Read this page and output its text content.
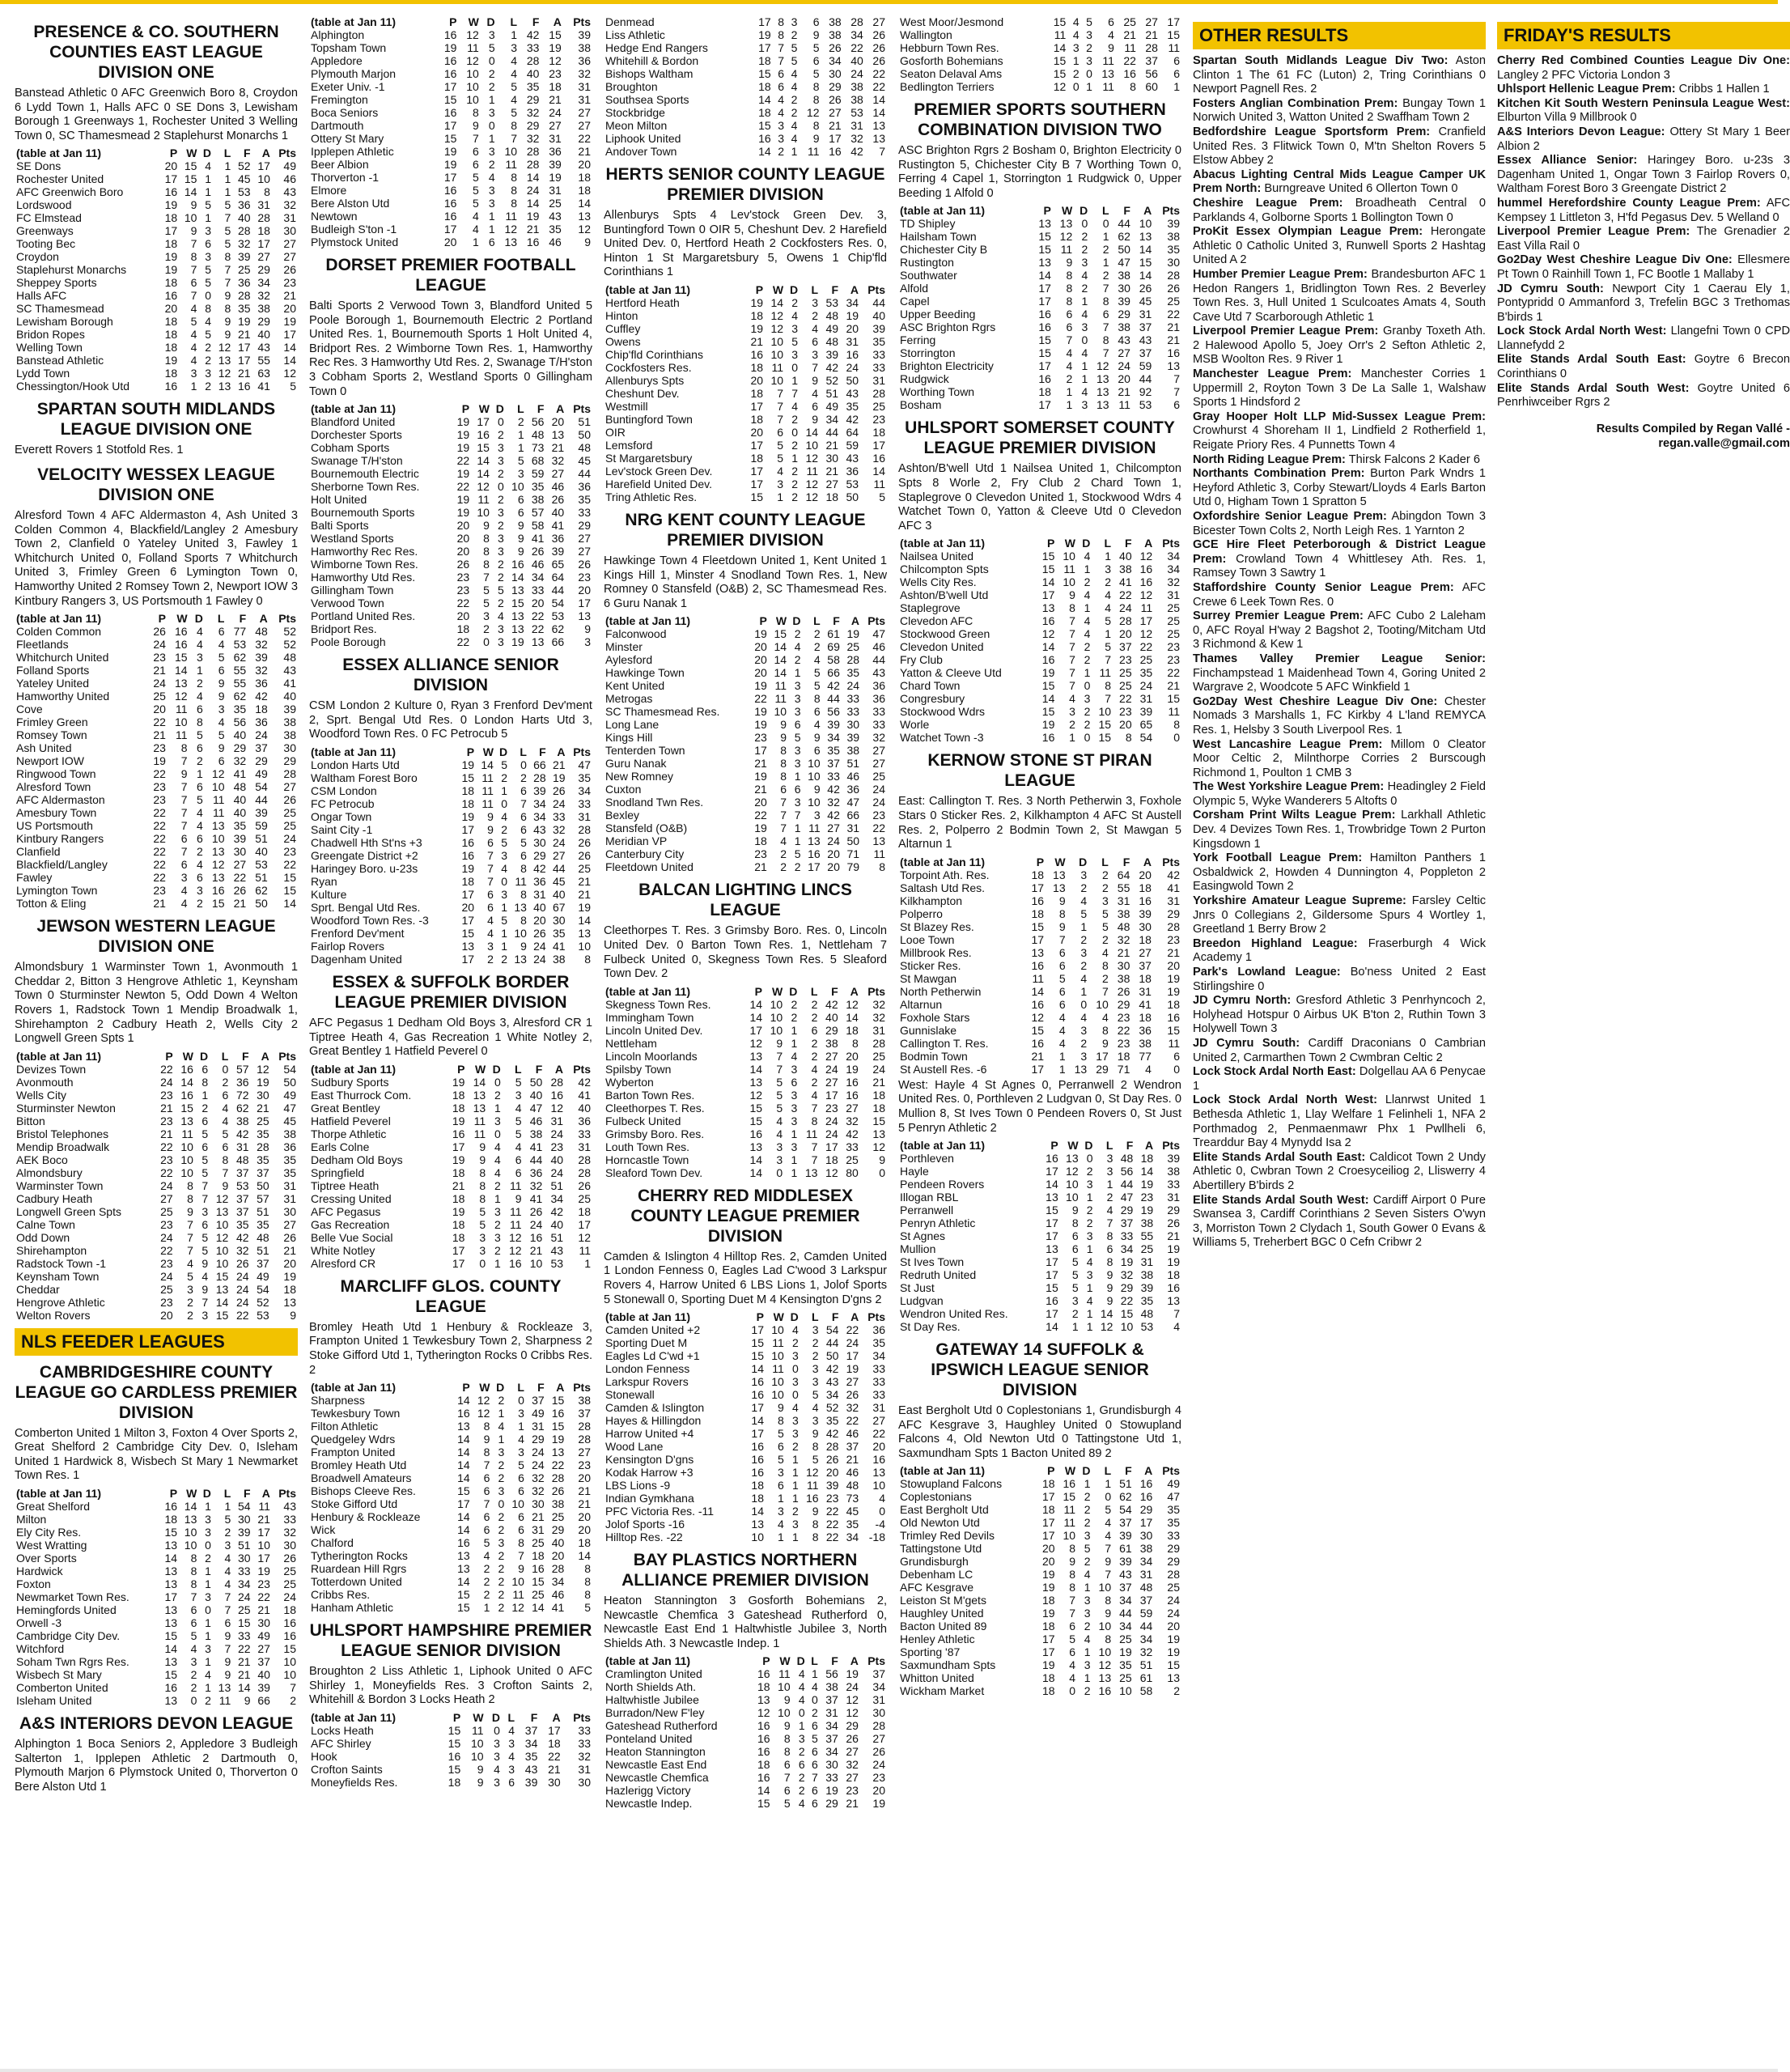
PRESENCE & CO. SOUTHERN COUNTIES EAST LEAGUE DIVISION ONE

Banstead Athletic 0 AFC Greenwich Boro 8, Croydon 6 Lydd Town 1, Halls AFC 0 SE Dons 3, Lewisham Borough 1 Greenways 1, Rochester United 3 Welling Town 0, SC Thamesmead 2 Staplehurst Monarchs 1

(table at Jan 11)	P	W	D	L	F	A	Pts
SE Dons	20	15	4	1	52	17	49
Rochester United	17	15	1	1	45	10	46
AFC Greenwich Boro	16	14	1	1	53	8	43
Lordswood	19	9	5	5	36	31	32
FC Elmstead	18	10	1	7	40	28	31
Greenways	17	9	3	5	28	18	30
Tooting Bec	18	7	6	5	32	17	27
Croydon	19	8	3	8	39	27	27
Staplehurst Monarchs	19	7	5	7	25	29	26
Sheppey Sports	18	6	5	7	36	34	23
Halls AFC	16	7	0	9	28	32	21
SC Thamesmead	20	4	8	8	35	38	20
Lewisham Borough	18	5	4	9	19	29	19
Bridon Ropes	18	4	5	9	21	40	17
Welling Town	18	4	2	12	17	43	14
Banstead Athletic	19	4	2	13	17	55	14
Lydd Town	18	3	3	12	21	63	12
Chessington/Hook Utd	16	1	2	13	16	41	5
SPARTAN SOUTH MIDLANDS LEAGUE DIVISION ONE

Everett Rovers 1 Stotfold Res. 1

VELOCITY WESSEX LEAGUE DIVISION ONE

Alresford Town 4 AFC Aldermaston 4, Ash United 3 Colden Common 4, Blackfield/Langley 2 Amesbury Town 2, Clanfield 0 Yateley United 3, Fawley 1 Whitchurch United 0, Folland Sports 7 Whitchurch United 3, Frimley Green 6 Lymington Town 0, Hamworthy United 2 Romsey Town 2, Newport IOW 3 Kintbury Rangers 3, US Portsmouth 1 Fawley 0

(table at Jan 11)	P	W	D	L	F	A	Pts
Colden Common	26	16	4	6	77	48	52
Fleetlands	24	16	4	4	53	32	52
Whitchurch United	23	15	3	5	62	39	48
Folland Sports	21	14	1	6	55	32	43
Yateley United	24	13	2	9	55	36	41
Hamworthy United	25	12	4	9	62	42	40
Cove	20	11	6	3	35	18	39
Frimley Green	22	10	8	4	56	36	38
Romsey Town	21	11	5	5	40	24	38
Ash United	23	8	6	9	29	37	30
Newport IOW	19	7	2	6	32	29	29
Ringwood Town	22	9	1	12	41	49	28
Alresford Town	23	7	6	10	48	54	27
AFC Aldermaston	23	7	5	11	40	44	26
Amesbury Town	22	7	4	11	40	39	25
US Portsmouth	22	7	4	13	35	59	25
Kintbury Rangers	22	6	6	10	39	51	24
Clanfield	22	7	2	13	30	40	23
Blackfield/Langley	22	6	4	12	27	53	22
Fawley	22	3	6	13	22	51	15
Lymington Town	23	4	3	16	26	62	15
Totton & Eling	21	4	2	15	21	50	14
JEWSON WESTERN LEAGUE DIVISION ONE

Almondsbury 1 Warminster Town 1, Avonmouth 1 Cheddar 2, Bitton 3 Hengrove Athletic 1, Keynsham Town 0 Sturminster Newton 5, Odd Down 4 Welton Rovers 1, Radstock Town 1 Mendip Broadwalk 1, Shirehampton 2 Cadbury Heath 2, Wells City 2 Longwell Green Spts 1

(table at Jan 11)	P	W	D	L	F	A	Pts
Devizes Town	22	16	6	0	57	12	54
Avonmouth	24	14	8	2	36	19	50
Wells City	23	16	1	6	72	30	49
Sturminster Newton	21	15	2	4	62	21	47
Bitton	23	13	6	4	38	25	45
Bristol Telephones	21	11	5	5	42	35	38
Mendip Broadwalk	22	10	6	6	31	28	36
AEK Boco	23	10	5	8	48	35	35
Almondsbury	22	10	5	7	37	37	35
Warminster Town	24	8	7	9	53	50	31
Cadbury Heath	27	8	7	12	37	57	31
Longwell Green Spts	25	9	3	13	37	51	30
Calne Town	23	7	6	10	35	35	27
Odd Down	24	7	5	12	42	48	26
Shirehampton	22	7	5	10	32	51	21
Radstock Town -1	23	4	9	10	26	37	20
Keynsham Town	24	5	4	15	24	49	19
Cheddar	25	3	9	13	24	54	18
Hengrove Athletic	23	2	7	14	24	52	13
Welton Rovers	20	2	3	15	22	53	9
NLS FEEDER LEAGUES
CAMBRIDGESHIRE COUNTY LEAGUE GO CARDLESS PREMIER DIVISION

Comberton United 1 Milton 3, Foxton 4 Over Sports 2, Great Shelford 2 Cambridge City Dev. 0, Isleham United 1 Hardwick 8, Wisbech St Mary 1 Newmarket Town Res. 1

(table at Jan 11)	P	W	D	L	F	A	Pts
Great Shelford	16	14	1	1	54	11	43
Milton	18	13	3	5	30	21	33
Ely City Res.	15	10	3	2	39	17	32
West Wratting	13	10	0	3	51	10	30
Over Sports	14	8	2	4	30	17	26
Hardwick	13	8	1	4	33	19	25
Foxton	13	8	1	4	34	23	25
Newmarket Town Res.	17	7	3	7	24	22	24
Hemingfords United	13	6	0	7	25	21	18
Orwell -3	13	6	1	6	15	30	16
Cambridge City Dev.	15	5	1	9	33	49	16
Witchford	14	4	3	7	22	27	15
Soham Twn Rgrs Res.	13	3	1	9	21	37	10
Wisbech St Mary	15	2	4	9	21	40	10
Comberton United	16	2	1	13	14	39	7
Isleham United	13	0	2	11	9	66	2
A&S INTERIORS DEVON LEAGUE

Alphington 1 Boca Seniors 2, Appledore 3 Budleigh Salterton 1, Ipplepen Athletic 2 Dartmouth 0, Plymouth Marjon 6 Plymstock United 0, Thorverton 0 Bere Alston Utd 1

(table at Jan 11)	P	W	D	L	F	A	Pts
Alphington	16	12	3	1	42	15	39
Topsham Town	19	11	5	3	33	19	38
Appledore	16	12	0	4	28	12	36
Plymouth Marjon	16	10	2	4	40	23	32
Exeter Univ. -1	17	10	2	5	35	18	31
Fremington	15	10	1	4	29	21	31
Boca Seniors	16	8	3	5	32	24	27
Dartmouth	17	9	0	8	29	27	27
Ottery St Mary	15	7	1	7	32	31	22
Ipplepen Athletic	19	6	3	10	28	36	21
Beer Albion	19	6	2	11	28	39	20
Thorverton -1	17	5	4	8	14	19	18
Elmore	16	5	3	8	24	31	18
Bere Alston Utd	16	5	3	8	14	25	14
Newtown	16	4	1	11	19	43	13
Budleigh S'ton -1	17	4	1	12	21	35	12
Plymstock United	20	1	6	13	16	46	9
DORSET PREMIER FOOTBALL LEAGUE

Balti Sports 2 Verwood Town 3, Blandford United 5 Poole Borough 1, Bournemouth Electric 2 Portland United Res. 1, Bournemouth Sports 1 Holt United 4, Bridport Res. 2 Wimborne Town Res. 1, Hamworthy Rec Res. 3 Hamworthy Utd Res. 2, Swanage T/H'ston 3 Cobham Sports 2, Westland Sports 0 Gillingham Town 0

(table at Jan 11)	P	W	D	L	F	A	Pts
Blandford United	19	17	0	2	56	20	51
Dorchester Sports	19	16	2	1	48	13	50
Cobham Sports	19	15	3	1	73	21	48
Swanage T/H'ston	22	14	3	5	68	32	45
Bournemouth Electric	19	14	2	3	59	27	44
Sherborne Town Res.	22	12	0	10	35	46	36
Holt United	19	11	2	6	38	26	35
Bournemouth Sports	19	10	3	6	57	40	33
Balti Sports	20	9	2	9	58	41	29
Westland Sports	20	8	3	9	41	36	27
Hamworthy Rec Res.	20	8	3	9	26	39	27
Wimborne Town Res.	26	8	2	16	46	65	26
Hamworthy Utd Res.	23	7	2	14	34	64	23
Gillingham Town	23	5	5	13	33	44	20
Verwood Town	22	5	2	15	20	54	17
Portland United Res.	20	3	4	13	22	53	13
Bridport Res.	18	2	3	13	22	62	9
Poole Borough	22	0	3	19	13	66	3
ESSEX ALLIANCE SENIOR DIVISION

CSM London 2 Kulture 0, Ryan 3 Frenford Dev'ment 2, Sprt. Bengal Utd Res. 0 London Harts Utd 3, Woodford Town Res. 0 FC Petrocub 5

(table at Jan 11)	P	W	D	L	F	A	Pts
London Harts Utd	19	14	5	0	66	21	47
Waltham Forest Boro	15	11	2	2	28	19	35
CSM London	18	11	1	6	39	26	34
FC Petrocub	18	11	0	7	34	24	33
Ongar Town	19	9	4	6	34	33	31
Saint City -1	17	9	2	6	43	32	28
Chadwell Hth St'ns +3	16	6	5	5	30	24	26
Greengate District +2	16	7	3	6	29	27	26
Haringey Boro. u-23s	19	7	4	8	42	44	25
Ryan	18	7	0	11	36	45	21
Kulture	17	6	3	8	31	40	21
Sprt. Bengal Utd Res.	20	6	1	13	40	67	19
Woodford Town Res. -3	17	4	5	8	20	30	14
Frenford Dev'ment	15	4	1	10	26	35	13
Fairlop Rovers	13	3	1	9	24	41	10
Dagenham United	17	2	2	13	24	38	8
ESSEX & SUFFOLK BORDER LEAGUE PREMIER DIVISION

AFC Pegasus 1 Dedham Old Boys 3, Alresford CR 1 Tiptree Heath 4, Gas Recreation 1 White Notley 2, Great Bentley 1 Hatfield Peverel 0

(table at Jan 11)	P	W	D	L	F	A	Pts
Sudbury Sports	19	14	0	5	50	28	42
East Thurrock Com.	18	13	2	3	40	16	41
Great Bentley	18	13	1	4	47	12	40
Hatfield Peverel	19	11	3	5	46	31	36
Thorpe Athletic	16	11	0	5	38	24	33
Earls Colne	17	9	4	4	41	23	31
Dedham Old Boys	19	9	4	6	44	40	28
Springfield	18	8	4	6	36	24	28
Tiptree Heath	21	8	2	11	32	51	26
Cressing United	18	8	1	9	41	34	25
AFC Pegasus	19	5	3	11	26	42	18
Gas Recreation	18	5	2	11	24	40	17
Belle Vue Social	18	3	3	12	16	51	12
White Notley	17	3	2	12	21	43	11
Alresford CR	17	0	1	16	10	53	1
MARCLIFF GLOS. COUNTY LEAGUE

Bromley Heath Utd 1 Henbury & Rockleaze 3, Frampton United 1 Tewkesbury Town 2, Sharpness 2 Stoke Gifford Utd 1, Tytherington Rocks 0 Cribbs Res. 2

(table at Jan 11)	P	W	D	L	F	A	Pts
Sharpness	14	12	2	0	37	15	38
Tewkesbury Town	16	12	1	3	49	16	37
Filton Athletic	13	8	4	1	31	15	28
Quedgeley Wdrs	14	9	1	4	29	19	28
Frampton United	14	8	3	3	24	13	27
Bromley Heath Utd	14	7	2	5	24	22	23
Broadwell Amateurs	14	6	2	6	32	28	20
Bishops Cleeve Res.	15	6	3	6	32	26	21
Stoke Gifford Utd	17	7	0	10	30	38	21
Henbury & Rockleaze	14	6	2	6	21	25	20
Wick	14	6	2	6	31	29	20
Chalford	16	5	3	8	25	40	18
Tytherington Rocks	13	4	2	7	18	20	14
Ruardean Hill Rgrs	13	2	2	9	16	28	8
Totterdown United	14	2	2	10	15	34	8
Cribbs Res.	15	2	2	11	25	46	8
Hanham Athletic	15	1	2	12	14	41	5
UHLSPORT HAMPSHIRE PREMIER LEAGUE SENIOR DIVISION

Broughton 2 Liss Athletic 1, Liphook United 0 AFC Shirley 1, Moneyfields Res. 3 Crofton Saints 2, Whitehill & Bordon 3 Locks Heath 2

(table at Jan 11)	P	W	D	L	F	A	Pts
Locks Heath	15	11	0	4	37	17	33
AFC Shirley	15	10	3	3	34	18	33
Hook	16	10	3	4	35	22	32
Crofton Saints	15	9	4	3	43	21	31
Moneyfields Res.	18	9	3	6	39	30	30
Denmead	17	8	3	6	38	28	27
Liss Athletic	19	8	2	9	38	34	26
Hedge End Rangers	17	7	5	5	26	22	26
Whitehill & Bordon	18	7	5	6	34	40	26
Bishops Waltham	15	6	4	5	30	24	22
Broughton	18	6	4	8	29	38	22
Southsea Sports	14	4	2	8	26	38	14
Stockbridge	18	4	2	12	27	53	14
Meon Milton	15	3	4	8	21	31	13
Liphook United	16	3	4	9	17	32	13
Andover Town	14	2	1	11	16	42	7
HERTS SENIOR COUNTY LEAGUE PREMIER DIVISION

Allenburys Spts 4 Lev'stock Green Dev. 3, Buntingford Town 0 OIR 5, Cheshunt Dev. 2 Harefield United Dev. 0, Hertford Heath 2 Cockfosters Res. 0, Hinton 1 St Margaretsbury 5, Owens 1 Chip'fld Corinthians 1

(table at Jan 11)	P	W	D	L	F	A	Pts
Hertford Heath	19	14	2	3	53	34	44
Hinton	18	12	4	2	48	19	40
Cuffley	19	12	3	4	49	20	39
Owens	21	10	5	6	48	31	35
Chip'fld Corinthians	16	10	3	3	39	16	33
Cockfosters Res.	18	11	0	7	42	24	33
Allenburys Spts	20	10	1	9	52	50	31
Cheshunt Dev.	18	7	7	4	51	43	28
Westmill	17	7	4	6	49	35	25
Buntingford Town	18	7	2	9	34	42	23
OIR	20	6	0	14	44	64	18
Lemsford	17	5	2	10	21	59	17
St Margaretsbury	18	5	1	12	30	43	16
Lev'stock Green Dev.	17	4	2	11	21	36	14
Harefield United Dev.	17	3	2	12	27	53	11
Tring Athletic Res.	15	1	2	12	18	50	5
NRG KENT COUNTY LEAGUE PREMIER DIVISION

Hawkinge Town 4 Fleetdown United 1, Kent United 1 Kings Hill 1, Minster 4 Snodland Town Res. 1, New Romney 0 Stansfeld (O&B) 2, SC Thamesmead Res. 6 Guru Nanak 1

(table at Jan 11)	P	W	D	L	F	A	Pts
Falconwood	19	15	2	2	61	19	47
Minster	20	14	4	2	69	25	46
Aylesford	20	14	2	4	58	28	44
Hawkinge Town	20	14	1	5	66	35	43
Kent United	19	11	3	5	42	24	36
Metrogas	22	11	3	8	44	33	36
SC Thamesmead Res.	19	10	3	6	56	33	33
Long Lane	19	9	6	4	39	30	33
Kings Hill	23	9	5	9	34	39	32
Tenterden Town	17	8	3	6	35	38	27
Guru Nanak	21	8	3	10	37	51	27
New Romney	19	8	1	10	33	46	25
Cuxton	21	6	6	9	42	36	24
Snodland Twn Res.	20	7	3	10	32	47	24
Bexley	22	7	7	3	42	66	23
Stansfeld (O&B)	19	7	1	11	27	31	22
Meridian VP	18	4	1	13	24	50	13
Canterbury City	23	2	5	16	20	71	11
Fleetdown United	21	2	2	17	20	79	8
BALCAN LIGHTING LINCS LEAGUE

Cleethorpes T. Res. 3 Grimsby Boro. Res. 0, Lincoln United Dev. 0 Barton Town Res. 1, Nettleham 7 Fulbeck United 0, Skegness Town Res. 5 Sleaford Town Dev. 2

(table at Jan 11)	P	W	D	L	F	A	Pts
Skegness Town Res.	14	10	2	2	42	12	32
Immingham Town	14	10	2	2	40	14	32
Lincoln United Dev.	17	10	1	6	29	18	31
Nettleham	12	9	1	2	38	8	28
Lincoln Moorlands	13	7	4	2	27	20	25
Spilsby Town	14	7	3	4	24	19	24
Wyberton	13	5	6	2	27	16	21
Barton Town Res.	12	5	3	4	17	16	18
Cleethorpes T. Res.	15	5	3	7	23	27	18
Fulbeck United	15	4	3	8	24	32	15
Grimsby Boro. Res.	16	4	1	11	24	42	13
Louth Town Res.	13	3	3	7	17	33	12
Horncastle Town	14	3	1	7	18	25	9
Sleaford Town Dev.	14	0	1	13	12	80	0
CHERRY RED MIDDLESEX COUNTY LEAGUE PREMIER DIVISION

Camden & Islington 4 Hilltop Res. 2, Camden United 1 London Fenness 0, Eagles Lad C'wood 3 Larkspur Rovers 4, Harrow United 6 LBS Lions 1, Jolof Sports 5 Stonewall 0, Sporting Duet M 4 Kensington D'gns 2

(table at Jan 11)	P	W	D	L	F	A	Pts
Camden United +2	17	10	4	3	54	22	36
Sporting Duet M	15	11	2	2	44	24	35
Eagles Ld C'wd +1	15	10	3	2	50	17	34
London Fenness	14	11	0	3	42	19	33
Larkspur Rovers	16	10	3	3	43	27	33
Stonewall	16	10	0	5	34	26	33
Camden & Islington	17	9	4	4	52	32	31
Hayes & Hillingdon	14	8	3	3	35	22	27
Harrow United +4	17	5	3	9	42	46	22
Wood Lane	16	6	2	8	28	37	20
Kensington D'gns	16	5	1	5	26	21	16
Kodak Harrow +3	16	3	1	12	20	46	13
LBS Lions -9	18	6	1	11	39	48	10
Indian Gymkhana	18	1	1	16	23	73	4
PFC Victoria Res. -11	14	3	2	9	22	45	0
Jolof Sports -16	13	4	3	8	22	35	-4
Hilltop Res. -22	10	1	1	8	22	34	-18
BAY PLASTICS NORTHERN ALLIANCE PREMIER DIVISION

Heaton Stannington 3 Gosforth Bohemians 2, Newcastle Chemfica 3 Gateshead Rutherford 0, Newcastle East End 1 Haltwhistle Jubilee 3, North Shields Ath. 3 Newcastle Indep. 1

(table at Jan 11)	P	W	D	L	F	A	Pts
Cramlington United	16	11	4	1	56	19	37
North Shields Ath.	18	10	4	4	38	24	34
Haltwhistle Jubilee	13	9	4	0	37	12	31
Burradon/New F'ley	12	10	0	2	31	12	30
Gateshead Rutherford	16	9	1	6	34	29	28
Ponteland United	16	8	3	5	37	26	27
Heaton Stannington	16	8	2	6	34	27	26
Newcastle East End	18	6	6	6	30	32	24
Newcastle Chemfica	16	7	2	7	33	27	23
Hazlerigg Victory	14	6	2	6	19	23	20
Newcastle Indep.	15	5	4	6	29	21	19
West Moor/Jesmond	15	4	5	6	25	27	17
Wallington	11	4	3	4	21	21	15
Hebburn Town Res.	14	3	2	9	11	28	11
Gosforth Bohemians	15	1	3	11	22	37	6
Seaton Delaval Ams	15	2	0	13	16	56	6
Bedlington Terriers	12	0	1	11	8	60	1
PREMIER SPORTS SOUTHERN COMBINATION DIVISION TWO

ASC Brighton Rgrs 2 Bosham 0, Brighton Electricity 0 Rustington 5, Chichester City B 7 Worthing Town 0, Ferring 4 Capel 1, Storrington 1 Rudgwick 0, Upper Beeding 1 Alfold 0

(table at Jan 11)	P	W	D	L	F	A	Pts
TD Shipley	13	13	0	0	44	10	39
Hailsham Town	15	12	2	1	62	13	38
Chichester City B	15	11	2	2	50	14	35
Rustington	13	9	3	1	47	15	30
Southwater	14	8	4	2	38	14	28
Alfold	17	8	2	7	30	26	26
Capel	17	8	1	8	39	45	25
Upper Beeding	16	6	4	6	29	31	22
ASC Brighton Rgrs	16	6	3	7	38	37	21
Ferring	15	7	0	8	43	43	21
Storrington	15	4	4	7	27	37	16
Brighton Electricity	17	4	1	12	24	59	13
Rudgwick	16	2	1	13	20	44	7
Worthing Town	18	1	4	13	21	92	7
Bosham	17	1	3	13	11	53	6
UHLSPORT SOMERSET COUNTY LEAGUE PREMIER DIVISION

Ashton/B'well Utd 1 Nailsea United 1, Chilcompton Spts 8 Worle 2, Fry Club 2 Chard Town 1, Staplegrove 0 Clevedon United 1, Stockwood Wdrs 4 Watchet Town 0, Yatton & Cleeve Utd 0 Clevedon AFC 3

(table at Jan 11)	P	W	D	L	F	A	Pts
Nailsea United	15	10	4	1	40	12	34
Chilcompton Spts	15	11	1	3	38	16	34
Wells City Res.	14	10	2	2	41	16	32
Ashton/B'well Utd	17	9	4	4	22	12	31
Staplegrove	13	8	1	4	24	11	25
Clevedon AFC	16	7	4	5	28	17	25
Stockwood Green	12	7	4	1	20	12	25
Clevedon United	14	7	2	5	37	22	23
Fry Club	16	7	2	7	23	25	23
Yatton & Cleeve Utd	19	7	1	11	25	35	22
Chard Town	15	7	0	8	25	24	21
Congresbury	14	4	3	7	22	31	15
Stockwood Wdrs	15	3	2	10	23	39	11
Worle	19	2	2	15	20	65	8
Watchet Town -3	16	1	0	15	8	54	0
KERNOW STONE ST PIRAN LEAGUE

East: Callington T. Res. 3 North Petherwin 3, Foxhole Stars 0 Sticker Res. 2, Kilkhampton 4 AFC St Austell Res. 2, Polperro 2 Bodmin Town 2, St Mawgan 5 Altarnun 1

(table at Jan 11)	P	W	D	L	F	A	Pts
Torpoint Ath. Res.	18	13	3	2	64	20	42
Saltash Utd Res.	17	13	2	2	55	18	41
Kilkhampton	16	9	4	3	31	16	31
Polperro	18	8	5	5	38	39	29
St Blazey Res.	15	9	1	5	48	30	28
Looe Town	17	7	2	2	32	18	23
Millbrook Res.	13	6	3	4	21	27	21
Sticker Res.	16	6	2	8	30	37	20
St Mawgan	11	5	4	2	38	18	19
North Petherwin	14	6	1	7	26	31	19
Altarnun	16	6	0	10	29	41	18
Foxhole Stars	12	4	4	4	23	18	16
Gunnislake	15	4	3	8	22	36	15
Callington T. Res.	16	4	2	9	23	38	11
Bodmin Town	21	1	3	17	18	77	6
St Austell Res. -6	17	1	13	29	71	4	0

West: Hayle 4 St Agnes 0, Perranwell 2 Wendron United Res. 0, Porthleven 2 Ludgvan 0, St Day Res. 0 Mullion 8, St Ives Town 0 Pendeen Rovers 0, St Just 5 Penryn Athletic 2

(table at Jan 11)	P	W	D	L	F	A	Pts
Porthleven	16	13	0	3	48	18	39
Hayle	17	12	2	3	56	14	38
Pendeen Rovers	14	10	3	1	44	19	33
Illogan RBL	13	10	1	2	47	23	31
Perranwell	15	9	2	4	29	19	29
Penryn Athletic	17	8	2	7	37	38	26
St Agnes	17	6	3	8	33	55	21
Mullion	13	6	1	6	34	25	19
St Ives Town	17	5	4	8	19	31	19
Redruth United	17	5	3	9	32	38	18
St Just	15	5	1	9	29	39	16
Ludgvan	16	3	4	9	22	35	13
Wendron United Res.	17	2	1	14	15	48	7
St Day Res.	14	1	1	12	10	53	4
GATEWAY 14 SUFFOLK & IPSWICH LEAGUE SENIOR DIVISION

East Bergholt Utd 0 Coplestonians 1, Grundisburgh 4 AFC Kesgrave 3, Haughley United 0 Stowupland Falcons 4, Old Newton Utd 0 Tattingstone Utd 1, Saxmundham Spts 1 Bacton United 89 2

(table at Jan 11)	P	W	D	L	F	A	Pts
Stowupland Falcons	18	16	1	1	51	16	49
Coplestonians	17	15	2	0	62	16	47
East Bergholt Utd	18	11	2	5	54	29	35
Old Newton Utd	17	11	2	4	37	17	35
Trimley Red Devils	17	10	3	4	39	30	33
Tattingstone Utd	20	8	5	7	61	38	29
Grundisburgh	20	9	2	9	39	34	29
Debenham LC	19	8	4	7	43	31	28
AFC Kesgrave	19	8	1	10	37	48	25
Leiston St M'gets	18	7	3	8	34	37	24
Haughley United	19	7	3	9	44	59	24
Bacton United 89	18	6	2	10	34	44	20
Henley Athletic	17	5	4	8	25	34	19
Sporting '87	17	6	1	10	19	32	19
Saxmundham Spts	19	4	3	12	35	51	15
Whitton United	18	4	1	13	25	61	13
Wickham Market	18	0	2	16	10	58	2
OTHER RESULTS

Spartan South Midlands League Div Two: Aston Clinton 1 The 61 FC (Luton) 2, Tring Corinthians 0 Newport Pagnell Res. 2

Fosters Anglian Combination Prem: Bungay Town 1 Norwich United 3, Watton United 2 Swaffham Town 2

Bedfordshire League Sportsform Prem: Cranfield United Res. 3 Flitwick Town 0, M'tn Shelton Rovers 5 Elstow Abbey 2

Abacus Lighting Central Mids League Camper UK Prem North: Burngreave United 6 Ollerton Town 0

Cheshire League Prem: Broadheath Central 0 Parklands 4, Golborne Sports 1 Bollington Town 0

ProKit Essex Olympian League Prem: Herongate Athletic 0 Catholic United 3, Runwell Sports 2 Hashtag United A 2

Humber Premier League Prem: Brandesburton AFC 1 Hedon Rangers 1, Bridlington Town Res. 2 Beverley Town Res. 3, Hull United 1 Sculcoates Amats 4, South Cave Utd 7 Scarborough Athletic 1

Liverpool Premier League Prem: Granby Toxeth Ath. 2 Halewood Apollo 5, Joey Orr's 2 Sefton Athletic 2, MSB Woolton Res. 9 River 1

Manchester League Prem: Manchester Corries 1 Uppermill 2, Royton Town 3 De La Salle 1, Walshaw Sports 1 Hindsford 2

Gray Hooper Holt LLP Mid-Sussex League Prem: Crowhurst 4 Shoreham II 1, Lindfield 2 Rotherfield 1, Reigate Priory Res. 4 Punnetts Town 4

North Riding League Prem: Thirsk Falcons 2 Kader 6

Northants Combination Prem: Burton Park Wndrs 1 Heyford Athletic 3, Corby Stewart/Lloyds 4 Earls Barton Utd 0, Higham Town 1 Spratton 5

Oxfordshire Senior League Prem: Abingdon Town 3 Bicester Town Colts 2, North Leigh Res. 1 Yarnton 2

GCE Hire Fleet Peterborough & District League Prem: Crowland Town 4 Whittlesey Ath. Res. 1, Ramsey Town 3 Sawtry 1

Staffordshire County Senior League Prem: AFC Crewe 6 Leek Town Res. 0

Surrey Premier League Prem: AFC Cubo 2 Laleham 0, AFC Royal H'way 2 Bagshot 2, Tooting/Mitcham Utd 3 Richmond & Kew 1

Thames Valley Premier League Senior: Finchampstead 1 Maidenhead Town 4, Goring United 2 Wargrave 2, Woodcote 5 AFC Winkfield 1

Go2Day West Cheshire League Div One: Chester Nomads 3 Marshalls 1, FC Kirkby 4 L'land REMYCA Res. 1, Helsby 3 South Liverpool Res. 1

West Lancashire League Prem: Millom 0 Cleator Moor Celtic 2, Milnthorpe Corries 2 Burscough Richmond 1, Poulton 1 CMB 3

The West Yorkshire League Prem: Headingley 2 Field Olympic 5, Wyke Wanderers 5 Altofts 0

Corsham Print Wilts League Prem: Larkhall Athletic Dev. 4 Devizes Town Res. 1, Trowbridge Town 2 Purton Kingsdown 1

York Football League Prem: Hamilton Panthers 1 Osbaldwick 2, Howden 4 Dunnington 4, Poppleton 2 Easingwold Town 2

Yorkshire Amateur League Supreme: Farsley Celtic Jnrs 0 Collegians 2, Gildersome Spurs 4 Wortley 1, Greetland 1 Berry Brow 2

Breedon Highland League: Fraserburgh 4 Wick Academy 1

Park's Lowland League: Bo'ness United 2 East Stirlingshire 0

JD Cymru North: Gresford Athletic 3 Penrhyncoch 2, Holyhead Hotspur 0 Airbus UK B'ton 2, Ruthin Town 3 Holywell Town 3

JD Cymru South: Cardiff Draconians 0 Cambrian United 2, Carmarthen Town 2 Cwmbran Celtic 2

Lock Stock Ardal North East: Dolgellau AA 6 Penycae 1

Lock Stock Ardal North West: Llanrwst United 1 Bethesda Athletic 1, Llay Welfare 1 Felinheli 1, NFA 2 Porthmadog 2, Penmaenmawr Phx 1 Pwllheli 6, Trearddur Bay 4 Mynydd Isa 2

Elite Stands Ardal South East: Caldicot Town 2 Undy Athletic 0, Cwbran Town 2 Croesyceiliog 2, Lliswerry 4 Abertillery B'birds 2

Elite Stands Ardal South West: Cardiff Airport 0 Pure Swansea 3, Cardiff Corinthians 2 Seven Sisters O'wyn 3, Morriston Town 2 Clydach 1, South Gower 0 Evans & Williams 5, Treherbert BGC 0 Cefn Cribwr 2

FRIDAY'S RESULTS

Cherry Red Combined Counties League Div One: Langley 2 PFC Victoria London 3

Uhlsport Hellenic League Prem: Cribbs 1 Hallen 1

Kitchen Kit South Western Peninsula League West: Elburton Villa 9 Millbrook 0

A&S Interiors Devon League: Ottery St Mary 1 Beer Albion 2

Essex Alliance Senior: Haringey Boro. u-23s 3 Dagenham United 1, Ongar Town 3 Fairlop Rovers 0, Waltham Forest Boro 3 Greengate District 2

hummel Herefordshire County League Prem: AFC Kempsey 1 Littleton 3, H'fd Pegasus Dev. 5 Welland 0

Liverpool Premier League Prem: The Grenadier 2 East Villa Rail 0

Go2Day West Cheshire League Div One: Ellesmere Pt Town 0 Rainhill Town 1, FC Bootle 1 Mallaby 1

JD Cymru South: Newport City 1 Caerau Ely 1, Pontypridd 0 Ammanford 3, Trefelin BGC 3 Trethomas B'birds 1

Lock Stock Ardal North West: Llangefni Town 0 CPD Llannefydd 2

Elite Stands Ardal South East: Goytre 6 Brecon Corinthians 0

Elite Stands Ardal South West: Goytre United 6 Penrhiwceiber Rgrs 2

Results Compiled by Regan Vallé - regan.valle@gmail.com
